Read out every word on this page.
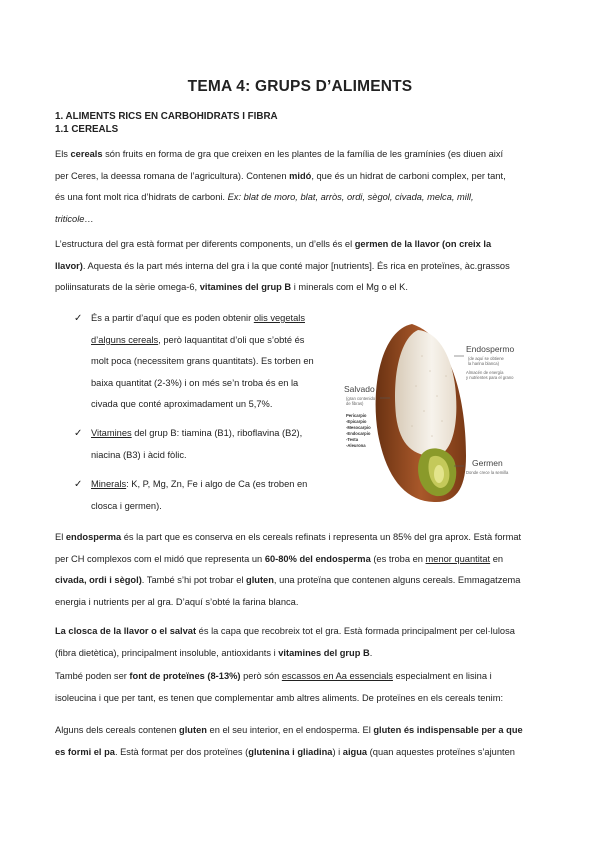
TEMA 4: GRUPS D’ALIMENTS
1. ALIMENTS RICS EN CARBOHIDRATS I FIBRA
1.1 CEREALS
Els cereals són fruits en forma de gra que creixen en les plantes de la família de les gramínies (es diuen així
per Ceres, la deessa romana de l’agricultura). Contenen midó, que és un hidrat de carboni complex, per tant,
és una font molt rica d’hidrats de carboni. Ex: blat de moro, blat, arròs, ordi, sègol, civada, melca, mill,
triticole…
L’estructura del gra està format per diferents components, un d’ells és el germen de la llavor (on creix la
llavor). Aquesta és la part més interna del gra i la que conté major [nutrients]. És rica en proteïnes, àc.grassos
poliinsaturats de la sèrie omega-6, vitamines del grup B i minerals com el Mg o el K.
✓ És a partir d’aquí que es poden obtenir olis vegetals
d’alguns cereals, però laquantitat d’oli que s’obté és
molt poca (necessitem grans quantitats). Es torben en
baixa quantitat (2-3%) i on més se’n troba és en la
civada que conté aproximadament un 5,7%.
✓ Vitamines del grup B: tiamina (B1), riboflavina (B2),
niacina (B3) i àcid fòlic.
✓ Minerals: K, P, Mg, Zn, Fe i algo de Ca (es troben en
closca i germen).
Endospermo
(de aquí se obtiene
la harina blanca)
Almacén de energía
y nutrientes para el grano
Salvado
(gran contenido
de fibras)
Pericarpio
-Epicarpio
-Mesocarpio
-Endocarpio
-Testa
-Aleurona
Germen
Donde crece la semilla
El endosperma és la part que es conserva en els cereals refinats i representa un 85% del gra aprox. Està format
per CH complexos com el midó que representa un 60-80% del endosperma (es troba en menor quantitat en
civada, ordi i sègol). També s’hi pot trobar el gluten, una proteïna que contenen alguns cereals. Emmagatzema
energia i nutrients per al gra. D’aquí s’obté la farina blanca.
La closca de la llavor o el salvat és la capa que recobreix tot el gra. Està formada principalment per cel·lulosa
(fibra dietètica), principalment insoluble, antioxidants i vitamines del grup B.
També poden ser font de proteïnes (8-13%) però són escassos en Aa essencials especialment en lisina i
isoleucina i que per tant, es tenen que complementar amb altres aliments. De proteïnes en els cereals tenim:
Alguns dels cereals contenen gluten en el seu interior, en el endosperma. El gluten és indispensable per a que
es formi el pa. Està format per dos proteïnes (glutenina i gliadina) i aigua (quan aquestes proteïnes s’ajunten
